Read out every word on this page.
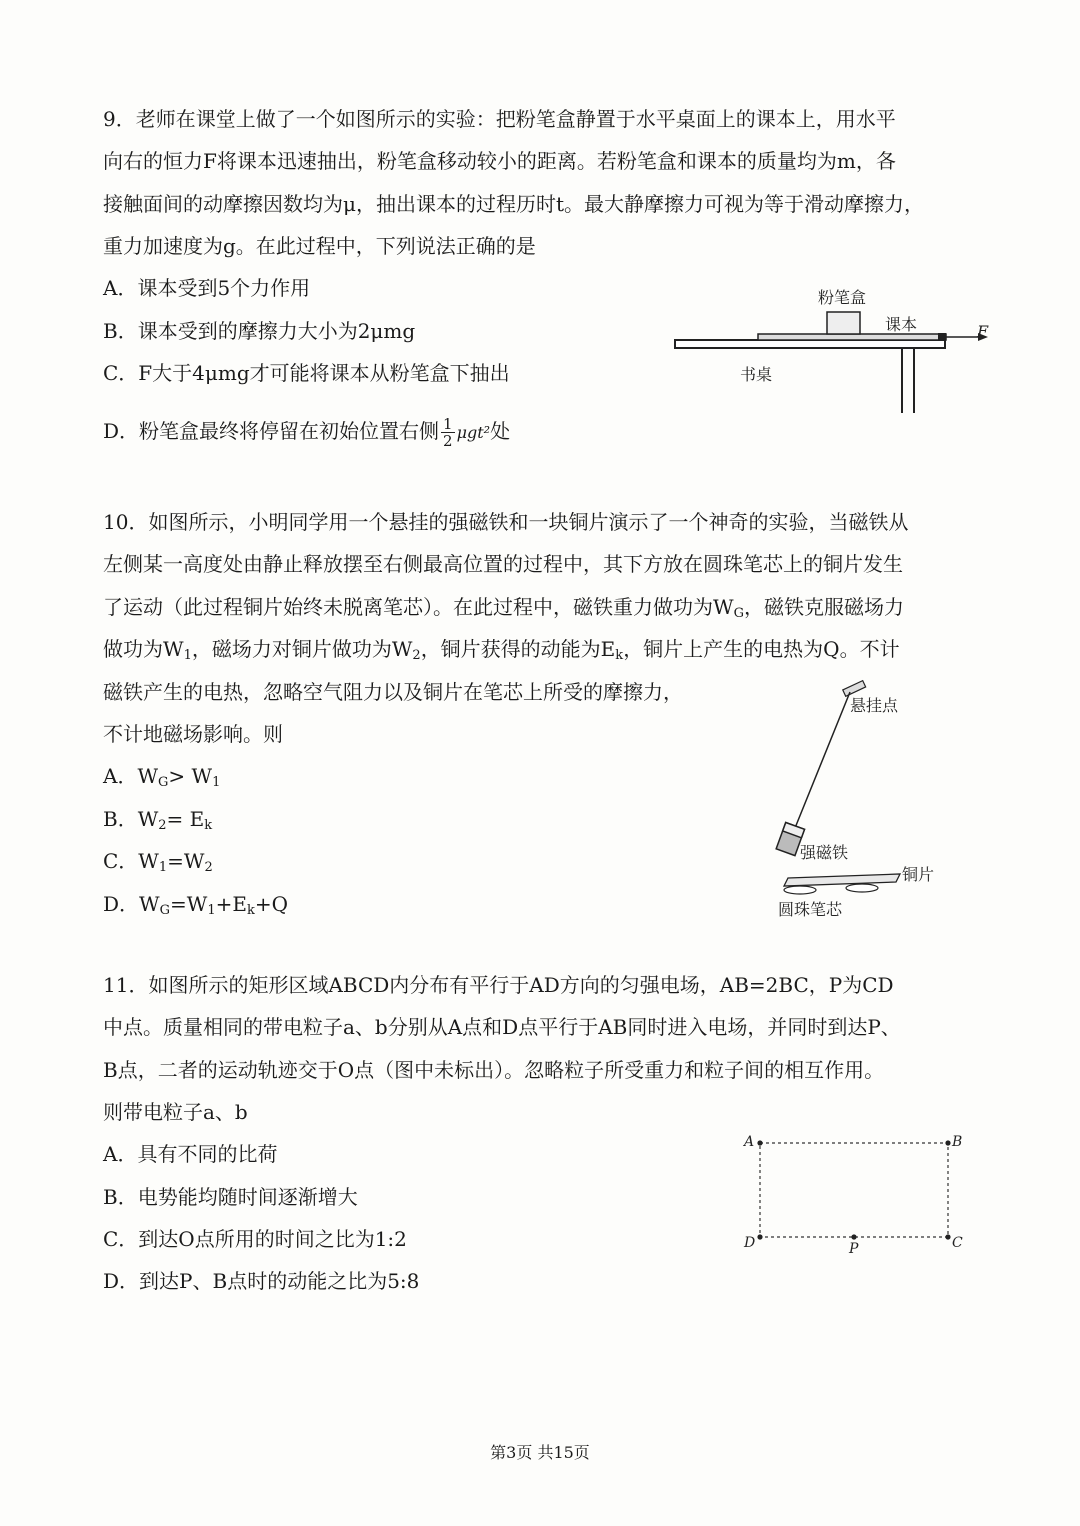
9．老师在课堂上做了一个如图所示的实验：把粉笔盒静置于水平桌面上的课本上，用水平
向右的恒力F将课本迅速抽出，粉笔盒移动较小的距离。若粉笔盒和课本的质量均为m，各
接触面间的动摩擦因数均为μ，抽出课本的过程历时t。最大静摩擦力可视为等于滑动摩擦力，
重力加速度为g。在此过程中，下列说法正确的是
A．课本受到5个力作用
B．课本受到的摩擦力大小为2μmg
C．F大于4μmg才可能将课本从粉笔盒下抽出
D．粉笔盒最终将停留在初始位置右侧 $\frac{1}{2} \mu gt^2$处
粉笔盒
课本
书桌
F
10．如图所示，小明同学用一个悬挂的强磁铁和一块铜片演示了一个神奇的实验，当磁铁从
左侧某一高度处由静止释放摆至右侧最高位置的过程中，其下方放在圆珠笔芯上的铜片发生
了运动（此过程铜片始终未脱离笔芯）。在此过程中，磁铁重力做功为$W_G$，磁铁克服磁场力
做功为$W_1$，磁场力对铜片做功为$W_2$，铜片获得的动能为$E_k$，铜片上产生的电热为Q。不计
磁铁产生的电热，忽略空气阻力以及铜片在笔芯上所受的摩擦力，
不计地磁场影响。则
A．$W_G> W_1$
B．$W_2= E_k$
C．$W_1=W_2$
D．$W_G=W_1+E_k+Q$
悬挂点
强磁铁
铜片
圆珠笔芯
11．如图所示的矩形区域ABCD内分布有平行于AD方向的匀强电场，AB=2BC，P为CD
中点。质量相同的带电粒子a、b分别从A点和D点平行于AB同时进入电场，并同时到达P、
B点，二者的运动轨迹交于O点（图中未标出）。忽略粒子所受重力和粒子间的相互作用。
则带电粒子a、b
A．具有不同的比荷
B．电势能均随时间逐渐增大
C．到达O点所用的时间之比为1:2
D．到达P、B点时的动能之比为5:8
A	B
C
D	P
第3页 共15页
